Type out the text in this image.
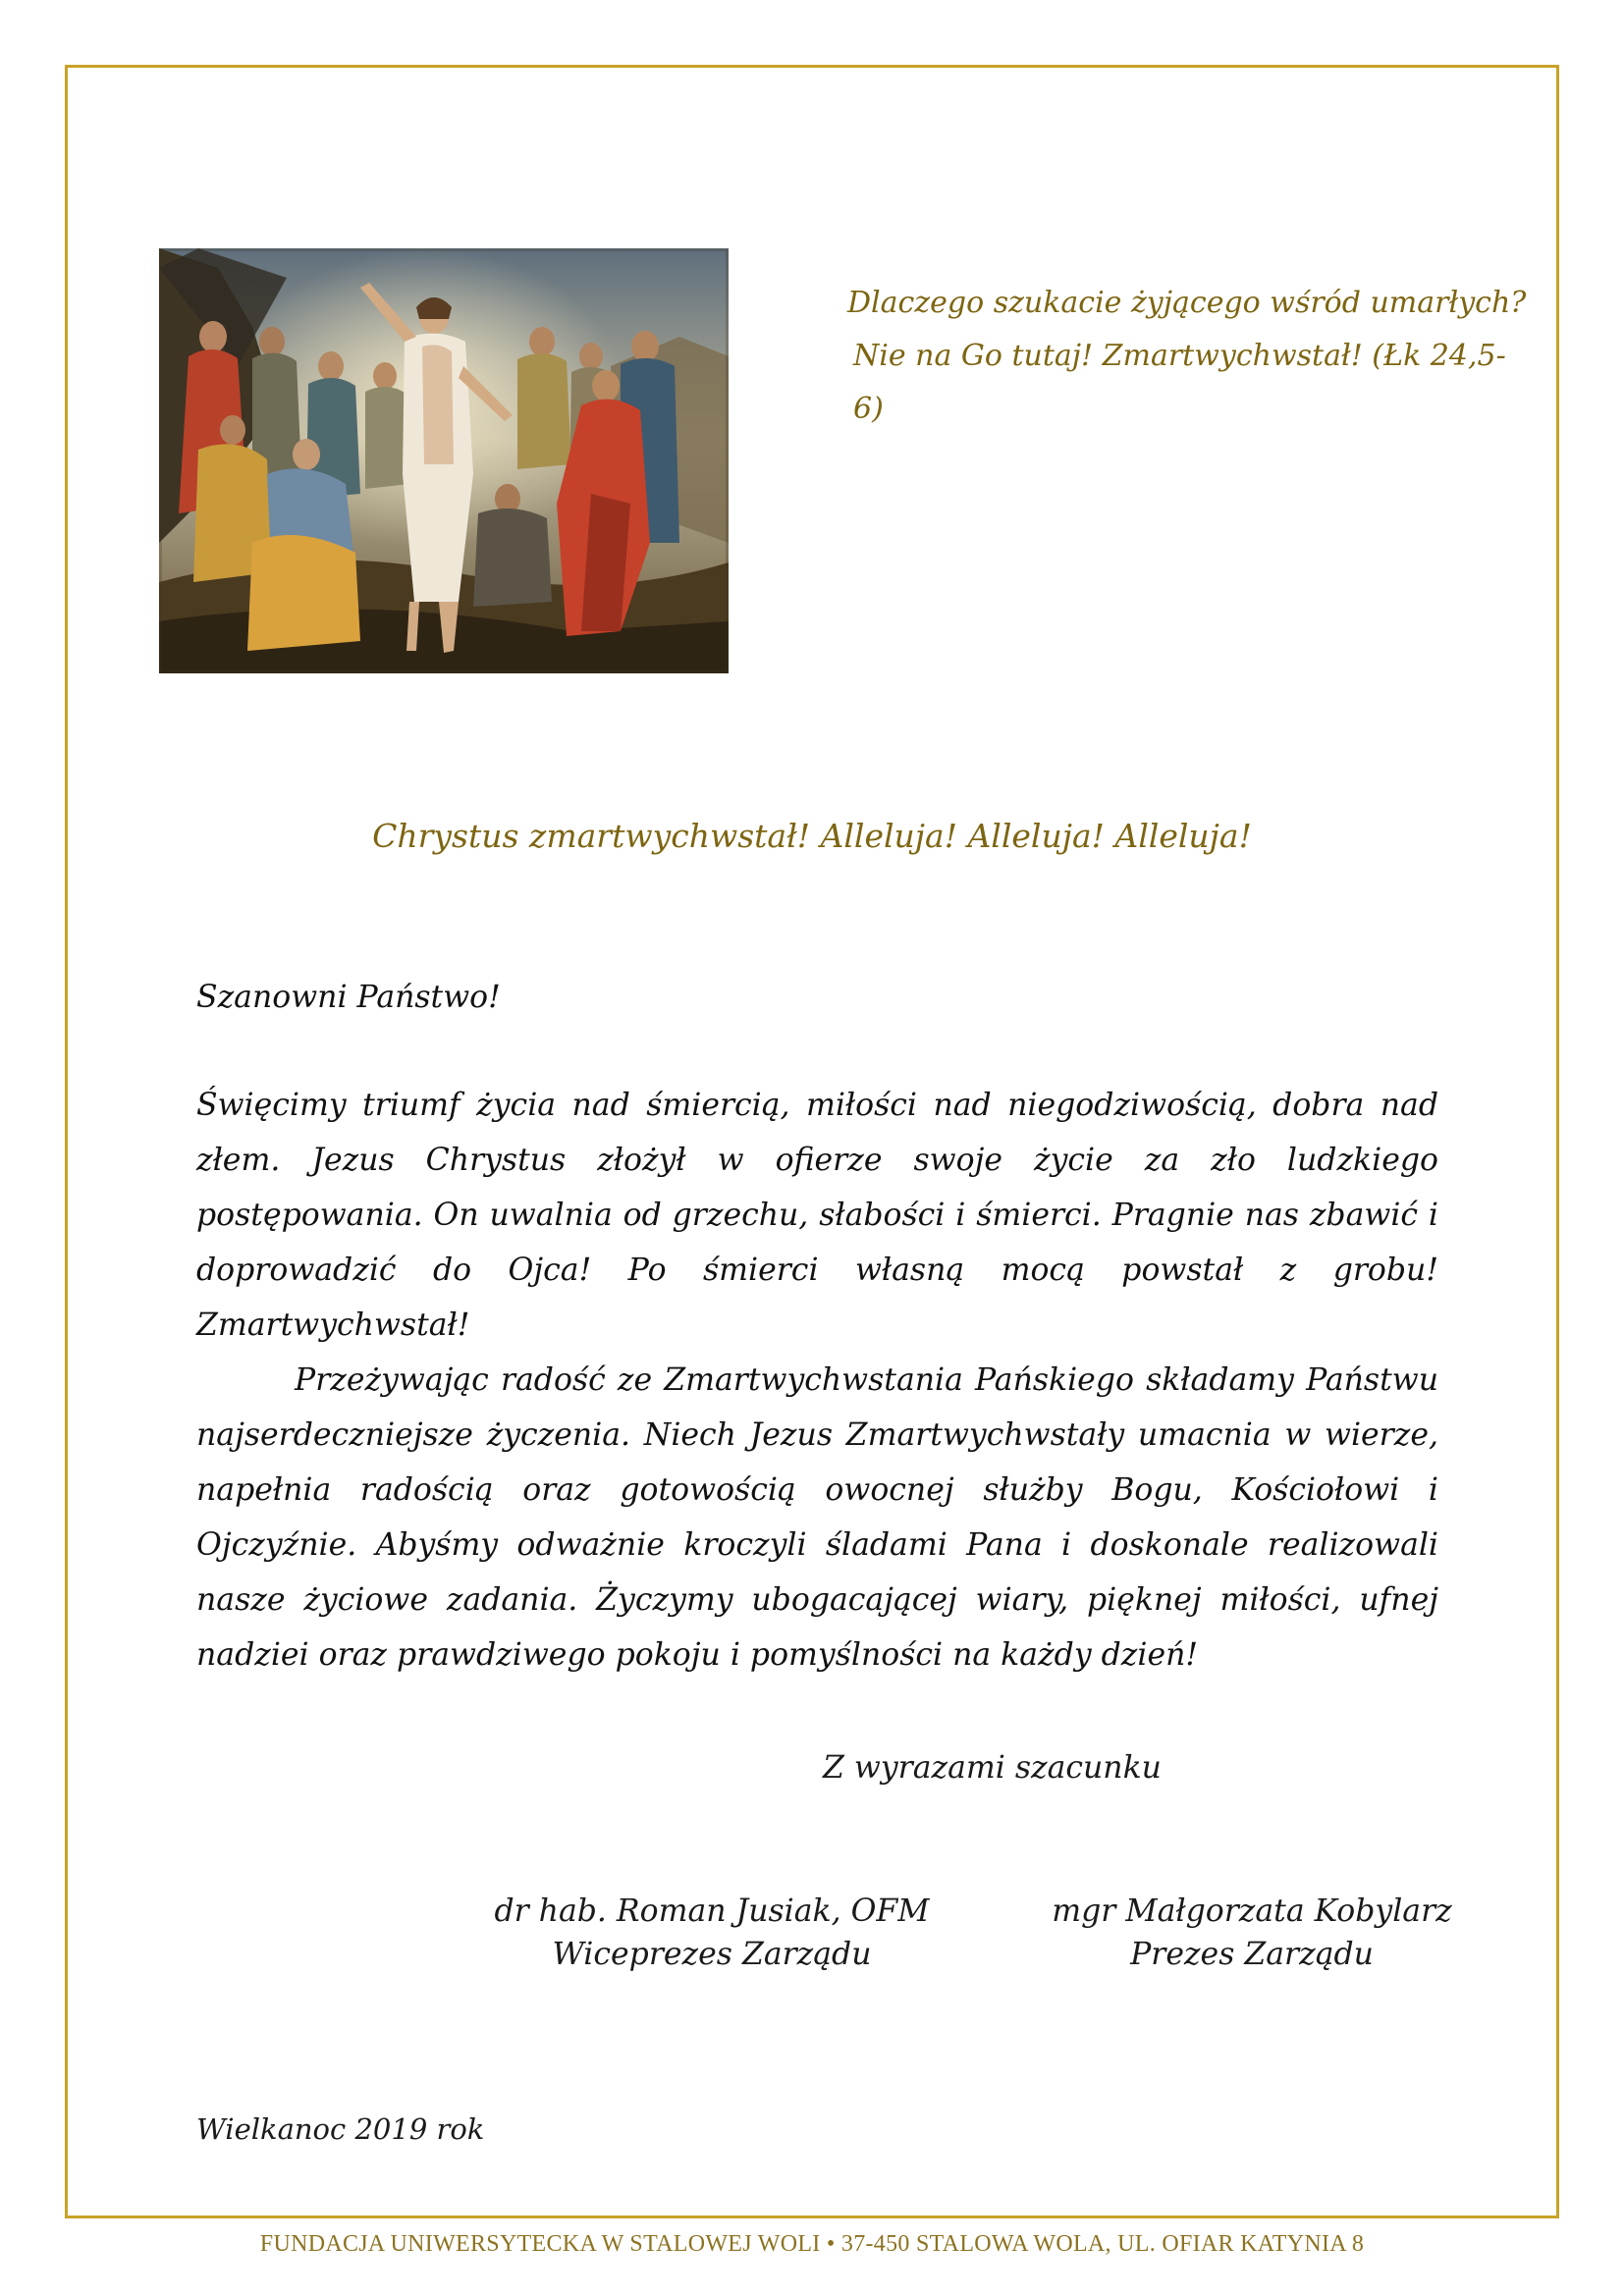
Dlaczego szukacie żyjącego wśród umarłych?
Nie na Go tutaj! Zmartwychwstał! (Łk 24,5-6)
Chrystus zmartwychwstał! Alleluja! Alleluja! Alleluja!
Szanowni Państwo!

Święcimy triumf życia nad śmiercią, miłości nad niegodziwością, dobra nad złem. Jezus Chrystus złożył w ofierze swoje życie za zło ludzkiego postępowania. On uwalnia od grzechu, słabości i śmierci. Pragnie nas zbawić i doprowadzić do Ojca! Po śmierci własną mocą powstał z grobu! Zmartwychwstał!

Przeżywając radość ze Zmartwychwstania Pańskiego składamy Państwu najserdeczniejsze życzenia. Niech Jezus Zmartwychwstały umacnia w wierze, napełnia radością oraz gotowością owocnej służby Bogu, Kościołowi i Ojczyźnie. Abyśmy odważnie kroczyli śladami Pana i doskonale realizowali nasze życiowe zadania. Życzymy ubogacającej wiary, pięknej miłości, ufnej nadziei oraz prawdziwego pokoju i pomyślności na każdy dzień!

Z wyrazami szacunku
dr hab. Roman Jusiak, OFM
Wiceprezes Zarządu
mgr Małgorzata Kobylarz
Prezes Zarządu
Wielkanoc 2019 rok
FUNDACJA UNIWERSYTECKA W STALOWEJ WOLI • 37-450 STALOWA WOLA, UL. OFIAR KATYNIA 8
